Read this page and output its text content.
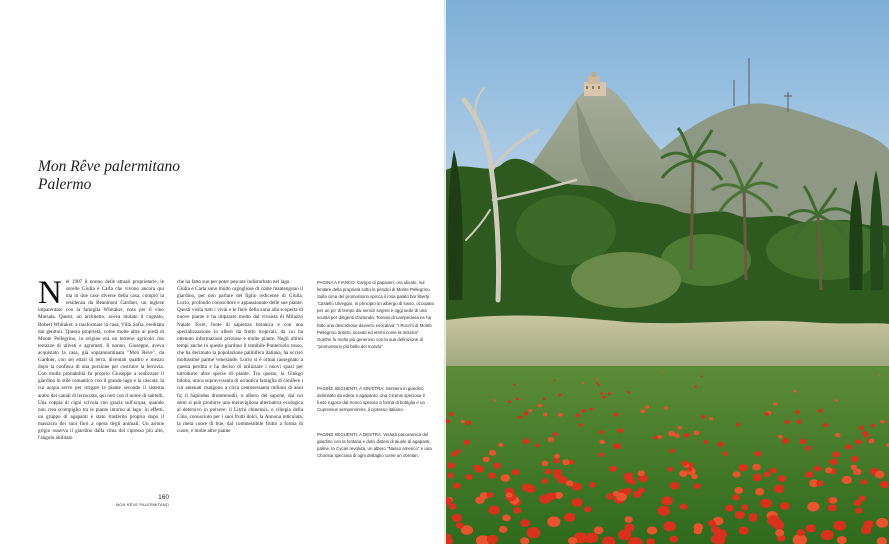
Mon Rêve palermitano
Palermo
Nel 1907 il nonno delle attuali proprietarie, le sorelle Giulia e Carla che vivono ancora qui ma in due case diverse della casa, comprò la residenza da Beaumont Gardner, un inglese imparentato con la famiglia Whitaker, nota per il vino Marsala. Questi, un architetto, aveva mutato il cognato, Robert Whitaker, a trasformare la casa, Villa Sofia, ereditata dai genitori. Questa proprietà, come molte altre ai piedi di Monte Pellegrino, in origine era un terreno agricolo con terrazze di uliveti e agrumeti. Il nonno, Giuseppe, aveva acquistato la casa, già soprannominata "Mon Rêve", da Gardner, con sei ettari di terra, diventati quattro e mezzo dopo la confisca di una porzione per costruire la ferrovia. Con molta probabilità fu proprio Giuseppe a realizzare il giardino in stile romantico con il grande lago e la cascata, la cui acqua serve per irrigare le piante secondo il sistema arabo dei canali di terracotta, qui noti con il nome di saittelli. Una coppia di cigni scivola con grazia sull'acqua, quando non crea scompiglio tra le piante intorno al lago: in effetti, un gruppo di agapanti è stato trasferito proprio dopo il massacro dei suoi fiori a opera degli animali. Un airone grigio osserva il giardino dalla cima del cipresso più alto, l'angolo abilitato
che ha fatto suo per poter pescare indisturbato nel lago.
Giulia e Carla sono molto orgogliose di come mantengono il giardino, per non parlare del figlio redicense di Giulia, Lucio, profondo conoscitore e appassionato delle sue piante. Questi visita tutti i vivai e le fiere della zona alla scoperta di nuove piante e ha imparato molto dal vivaista di Milazzo Natale Torre, fonte di sapienza botanica e con una specializzazione in alberi da frutto tropicali, da cui ha ottenuto informazioni preziose e molte piante. Negli ultimi tempi anche in questo giardino il temibile Punteruolo rosso, che ha decimato la popolazione palmifera italiana, ha ucciso moltissime palme venerande. Lucio si è ormai rassegnato a questa perdita e ha deciso di utilizzare i nuovi spazi per introdurre altre specie di piante. Tra queste, la Ginkgo biloba, unica sopravvissuta di un'antica famiglia di conifere i cui antenati risalgono a circa centosessanta milioni di anni fa; il Sapindus drummondii, o albero del sapone, dai cui semi si può produrre una meravigliosa alternativa ecologica al detersivo in polvere; il Litchi chinensis, o ciliegia della Cina, conosciuto per i suoi frutti dolci, la Annona reticulata, la mela cuore di bue, dal commestibile frutto a forma di cuore, e molte altre piante
PAGINA A FIANCO: Campo di papaveri, ora ulivato, sul limitare della proprietà sotto le pendici di Monte Pellegrino. Sulla cima del promontorio spicca il rosa palato bar liberty 'Castello Utveggio, in principio un albergo di lusso, occupato per un po' di tempo dai servizi segreti e oggi sede di una scuola per dirigenti d'azienda. Tomasi di Lampedusa ne ha fatto una descrizione davvero evocativa: "i Rocchi di Monte Pellegrino antichi, scavati ed eterni come la miseria". Goethe fu molto più generoso con la sua definizione di "promontorio più bello del mondo".
PAGINE SEGUENTI, A SINISTRA: Sentiero in giardino delimitato da edera e agapanto; una Cicenis speciosa il fusto rugoso dal tronco spinoso a forma di bottiglia e un Cupressus sempervirens, il cipresso italiano.
PAGINE SEGUENTI, A DESTRA: Veduta panoramica del giardino con la fontana e dolci distesi di aiuole di agapanti, palme, la Cycas revoluta, un albero "Nasso americo" e una Chorisia speciosa di ogni dettaglio come un obrelan.
160
MON RÊVE PALERMITANO
